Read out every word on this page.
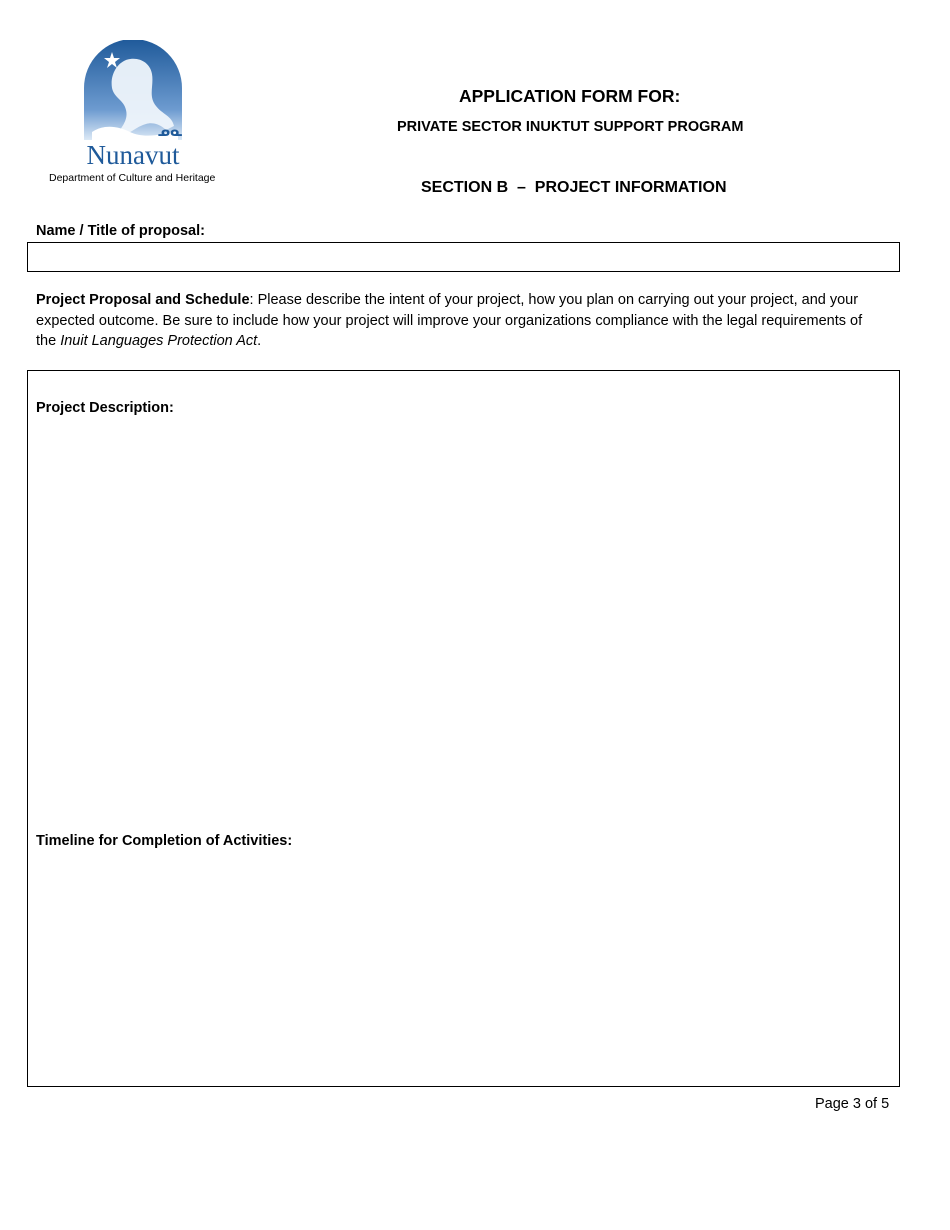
ᓄᓇ
Nunavut
Department of Culture and Heritage
APPLICATION FORM FOR:
PRIVATE SECTOR INUKTUT SUPPORT PROGRAM
SECTION B  –  PROJECT INFORMATION
Name / Title of proposal:
Project Proposal and Schedule: Please describe the intent of your project, how you plan on carrying out your project, and your expected outcome. Be sure to include how your project will improve your organizations compliance with the legal requirements of the Inuit Languages Protection Act.
Project Description:
Timeline for Completion of Activities:
Page 3 of 5
